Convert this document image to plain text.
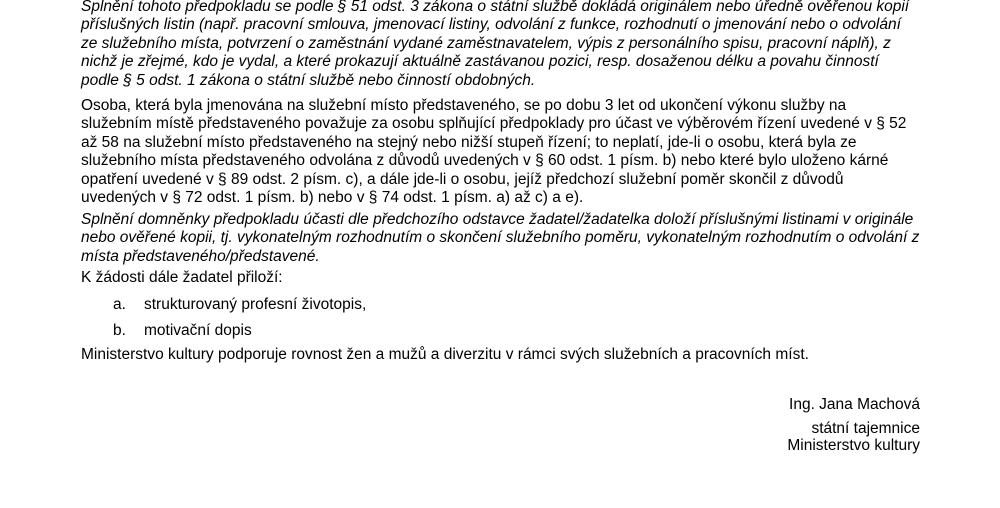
Splnění tohoto předpokladu se podle § 51 odst. 3 zákona o státní službě dokládá originálem nebo úředně ověřenou kopií příslušných listin (např. pracovní smlouva, jmenovací listiny, odvolání z funkce, rozhodnutí o jmenování nebo o odvolání ze služebního místa, potvrzení o zaměstnání vydané zaměstnavatelem, výpis z personálního spisu, pracovní náplň), z nichž je zřejmé, kdo je vydal, a které prokazují aktuálně zastávanou pozici, resp. dosaženou délku a povahu činností podle § 5 odst. 1 zákona o státní službě nebo činností obdobných.

Osoba, která byla jmenována na služební místo představeného, se po dobu 3 let od ukončení výkonu služby na služebním místě představeného považuje za osobu splňující předpoklady pro účast ve výběrovém řízení uvedené v § 52 až 58 na služební místo představeného na stejný nebo nižší stupeň řízení; to neplatí, jde-li o osobu, která byla ze služebního místa představeného odvolána z důvodů uvedených v § 60 odst. 1 písm. b) nebo které bylo uloženo kárné opatření uvedené v § 89 odst. 2 písm. c), a dále jde-li o osobu, jejíž předchozí služební poměr skončil z důvodů uvedených v § 72 odst. 1 písm. b) nebo v § 74 odst. 1 písm. a) až c) a e).

Splnění domněnky předpokladu účasti dle předchozího odstavce žadatel/žadatelka doloží příslušnými listinami v originále nebo ověřené kopii, tj. vykonatelným rozhodnutím o skončení služebního poměru, vykonatelným rozhodnutím o odvolání z místa představeného/představené.

K žádosti dále žadatel přiloží:

a. strukturovaný profesní životopis,
b. motivační dopis

Ministerstvo kultury podporuje rovnost žen a mužů a diverzitu v rámci svých služebních a pracovních míst.

Ing. Jana Machová
státní tajemnice
Ministerstvo kultury
